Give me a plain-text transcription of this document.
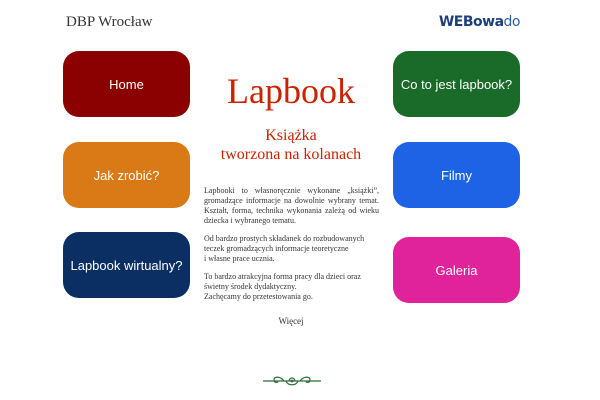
DBP Wrocław	WEBowado
Home
Jak zrobić?
Lapbook wirtualny?
Co to jest lapbook?
Filmy
Galeria
Lapbook
Książka
tworzona na kolanach

Lapbooki to własnoręcznie wykonane „książki”, gromadzące informacje na dowolnie wybrany temat. Kształt, forma, technika wykonania zależą od wieku dziecka i wybranego tematu.

Od bardzo prostych składanek do rozbudowanych
teczek gromadzących informacje teoretyczne
i własne prace ucznia.

To bardzo atrakcyjna forma pracy dla dzieci oraz
świetny środek dydaktyczny.
Zachęcamy do przetestowania go.

Więcej
